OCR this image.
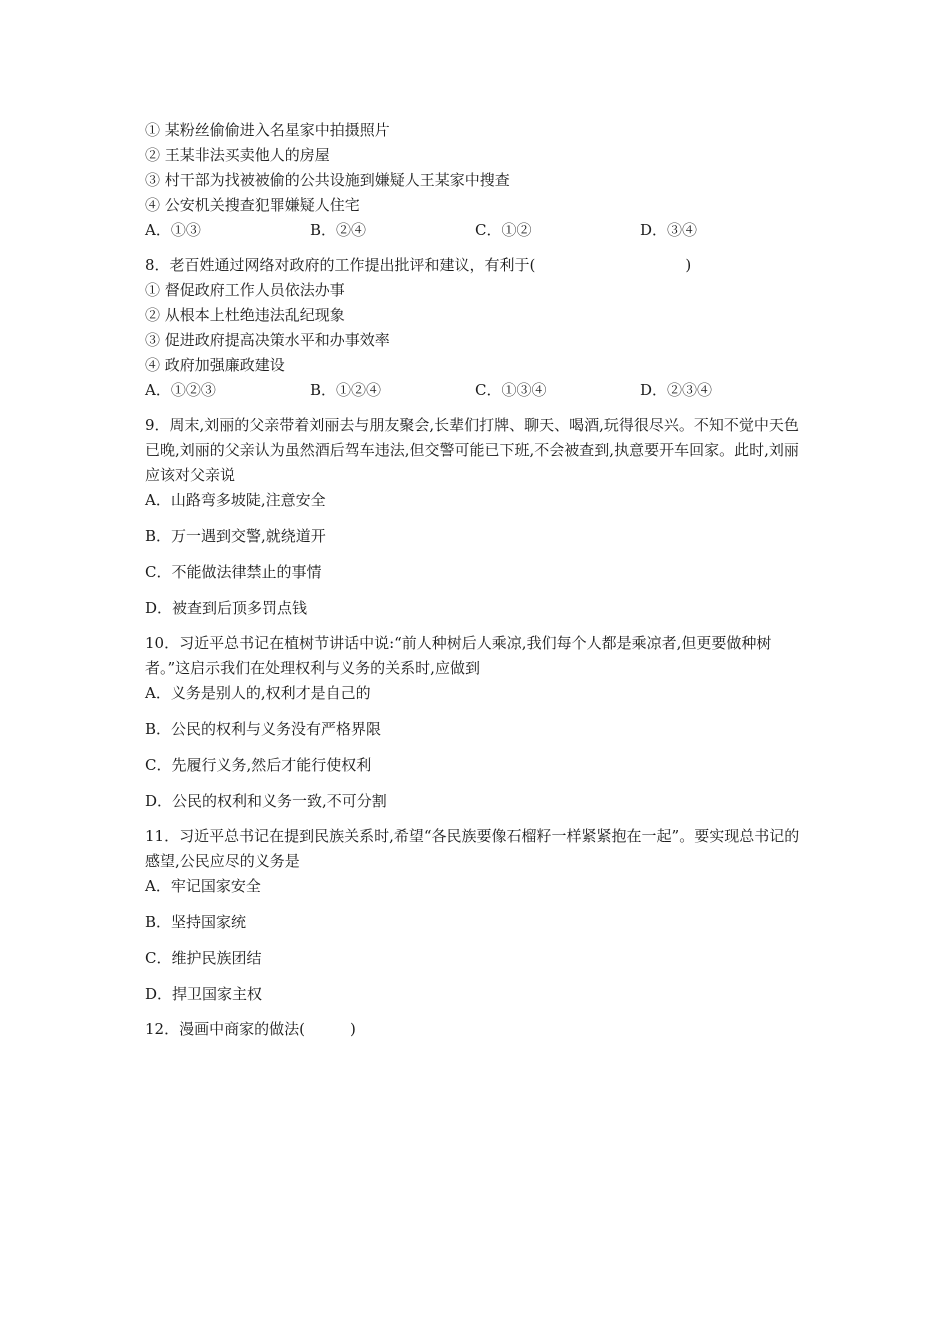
① 某粉丝偷偷进入名星家中拍摄照片
② 王某非法买卖他人的房屋
③ 村干部为找被被偷的公共设施到嫌疑人王某家中搜查
④ 公安机关搜查犯罪嫌疑人住宅
A．①③	B．②④	C．①②	D．③④
8．老百姓通过网络对政府的工作提出批评和建议，有利于(　　　　　　　　　　)
① 督促政府工作人员依法办事
② 从根本上杜绝违法乱纪现象
③ 促进政府提高决策水平和办事效率
④ 政府加强廉政建设
A．①②③	B．①②④	C．①③④	D．②③④
9．周末,刘丽的父亲带着刘丽去与朋友聚会,长辈们打牌、聊天、喝酒,玩得很尽兴。不知不觉中天色已晚,刘丽的父亲认为虽然酒后驾车违法,但交警可能已下班,不会被查到,执意要开车回家。此时,刘丽应该对父亲说
A．山路弯多坡陡,注意安全
B．万一遇到交警,就绕道开
C．不能做法律禁止的事情
D．被查到后顶多罚点钱
10．习近平总书记在植树节讲话中说:“前人种树后人乘凉,我们每个人都是乘凉者,但更要做种树者。”这启示我们在处理权利与义务的关系时,应做到
A．义务是别人的,权利才是自己的
B．公民的权利与义务没有严格界限
C．先履行义务,然后才能行使权利
D．公民的权利和义务一致,不可分割
11．习近平总书记在提到民族关系时,希望“各民族要像石榴籽一样紧紧抱在一起”。要实现总书记的感望,公民应尽的义务是
A．牢记国家安全
B．坚持国家统
C．维护民族团结
D．捍卫国家主权
12．漫画中商家的做法(　　　)
